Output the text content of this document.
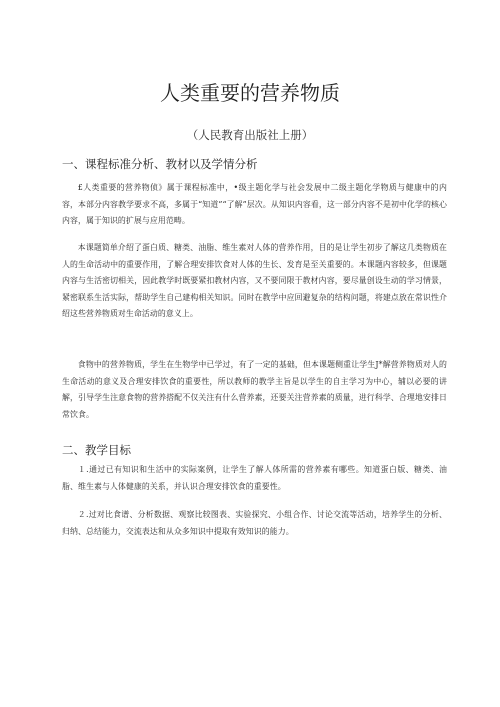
人类重要的营养物质
（人民教育出版社上册）
一、课程标准分析、教材以及学情分析

£人类重要的营养物侦》属于课程标准中，•级主题化学与社会发展中二级主题化学物质与健康中的内容，本部分内容教学要求不高，多属于“知道”“了解”层次。从知识内容看，这一部分内容不是初中化学的核心内容，属于知识的扩展与应用范畴。

本课题简单介绍了蛋白质、糖类、油脂、维生素对人体的营养作用，目的是让学生初步了解这几类物质在人的生命活动中的重要作用，了解合理安排饮食对人体的生长、发育是至关重要的。本课题内容较多，但课题内容与生活密切相关，因此教学时既要紧扣教材内容，又不要同限于教材内容，要尽量创设生动的学习情景，紧密联系生活实际，帮助学生自己建构相关知识。同时在教学中应回避复杂的结构问题，将建点放在常识性介绍这些营养物质对生命活动的意义上。

食物中的营养物质，学生在生物学中已学过，有了一定的基础，但本课题侧重让学生J*解营养物质对人的生命活动的意义及合理安排饮食的重要性，所以教师的教学主旨是以学生的自主学习为中心，辅以必要的讲解，引导学生注意食物的营养搭配不仅关注有什么营养素，还要关注营养素的质量，进行科学、合理地安排日常饮食。

二、教学目标

１.通过已有知识和生活中的实际案例，让学生了解人体所需的营养素有哪些。知道蛋白版、糖类、油脂、维生素与人体健康的关系，并认识合理安排饮食的重要性。

２.过对比食谱、分析数据、观察比较图表、实验探究、小组合作、讨论交流等活动，培养学生的分析、归纳、总结能力，交流表达和从众多知识中提取有效知识的能力。
